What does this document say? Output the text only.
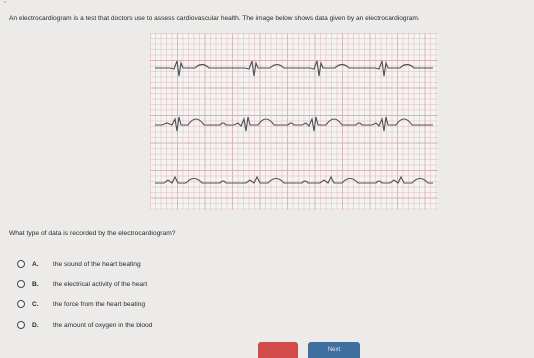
ᵕ
An electrocardiogram is a test that doctors use to assess cardiovascular health. The image below shows data given by an electrocardiogram.
What type of data is recorded by the electrocardiogram?
A.	the sound of the heart beating
B.	the electrical activity of the heart
C.	the force from the heart beating
D.	the amount of oxygen in the blood
Next
